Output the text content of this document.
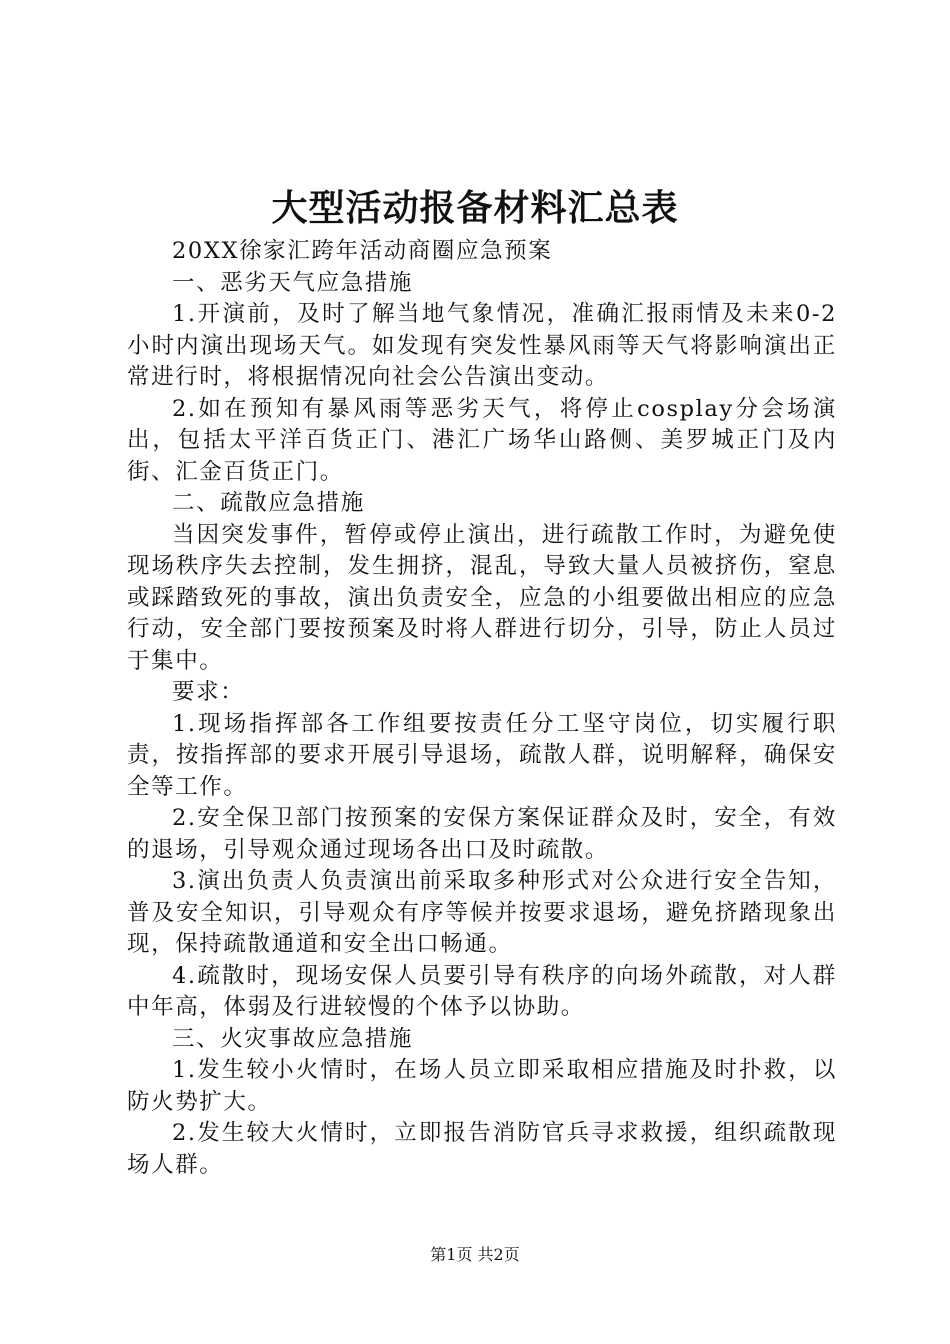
大型活动报备材料汇总表

20XX徐家汇跨年活动商圈应急预案

一、恶劣天气应急措施

1.开演前，及时了解当地气象情况，准确汇报雨情及未来0-2小时内演出现场天气。如发现有突发性暴风雨等天气将影响演出正常进行时，将根据情况向社会公告演出变动。

2.如在预知有暴风雨等恶劣天气，将停止cosplay分会场演出，包括太平洋百货正门、港汇广场华山路侧、美罗城正门及内街、汇金百货正门。

二、疏散应急措施

当因突发事件，暂停或停止演出，进行疏散工作时，为避免使现场秩序失去控制，发生拥挤，混乱，导致大量人员被挤伤，窒息或踩踏致死的事故，演出负责安全，应急的小组要做出相应的应急行动，安全部门要按预案及时将人群进行切分，引导，防止人员过于集中。

要求：

1.现场指挥部各工作组要按责任分工坚守岗位，切实履行职责，按指挥部的要求开展引导退场，疏散人群，说明解释，确保安全等工作。

2.安全保卫部门按预案的安保方案保证群众及时，安全，有效的退场，引导观众通过现场各出口及时疏散。

3.演出负责人负责演出前采取多种形式对公众进行安全告知，普及安全知识，引导观众有序等候并按要求退场，避免挤踏现象出现，保持疏散通道和安全出口畅通。

4.疏散时，现场安保人员要引导有秩序的向场外疏散，对人群中年高，体弱及行进较慢的个体予以协助。

三、火灾事故应急措施

1.发生较小火情时，在场人员立即采取相应措施及时扑救，以防火势扩大。

2.发生较大火情时，立即报告消防官兵寻求救援，组织疏散现场人群。

第1页 共2页
